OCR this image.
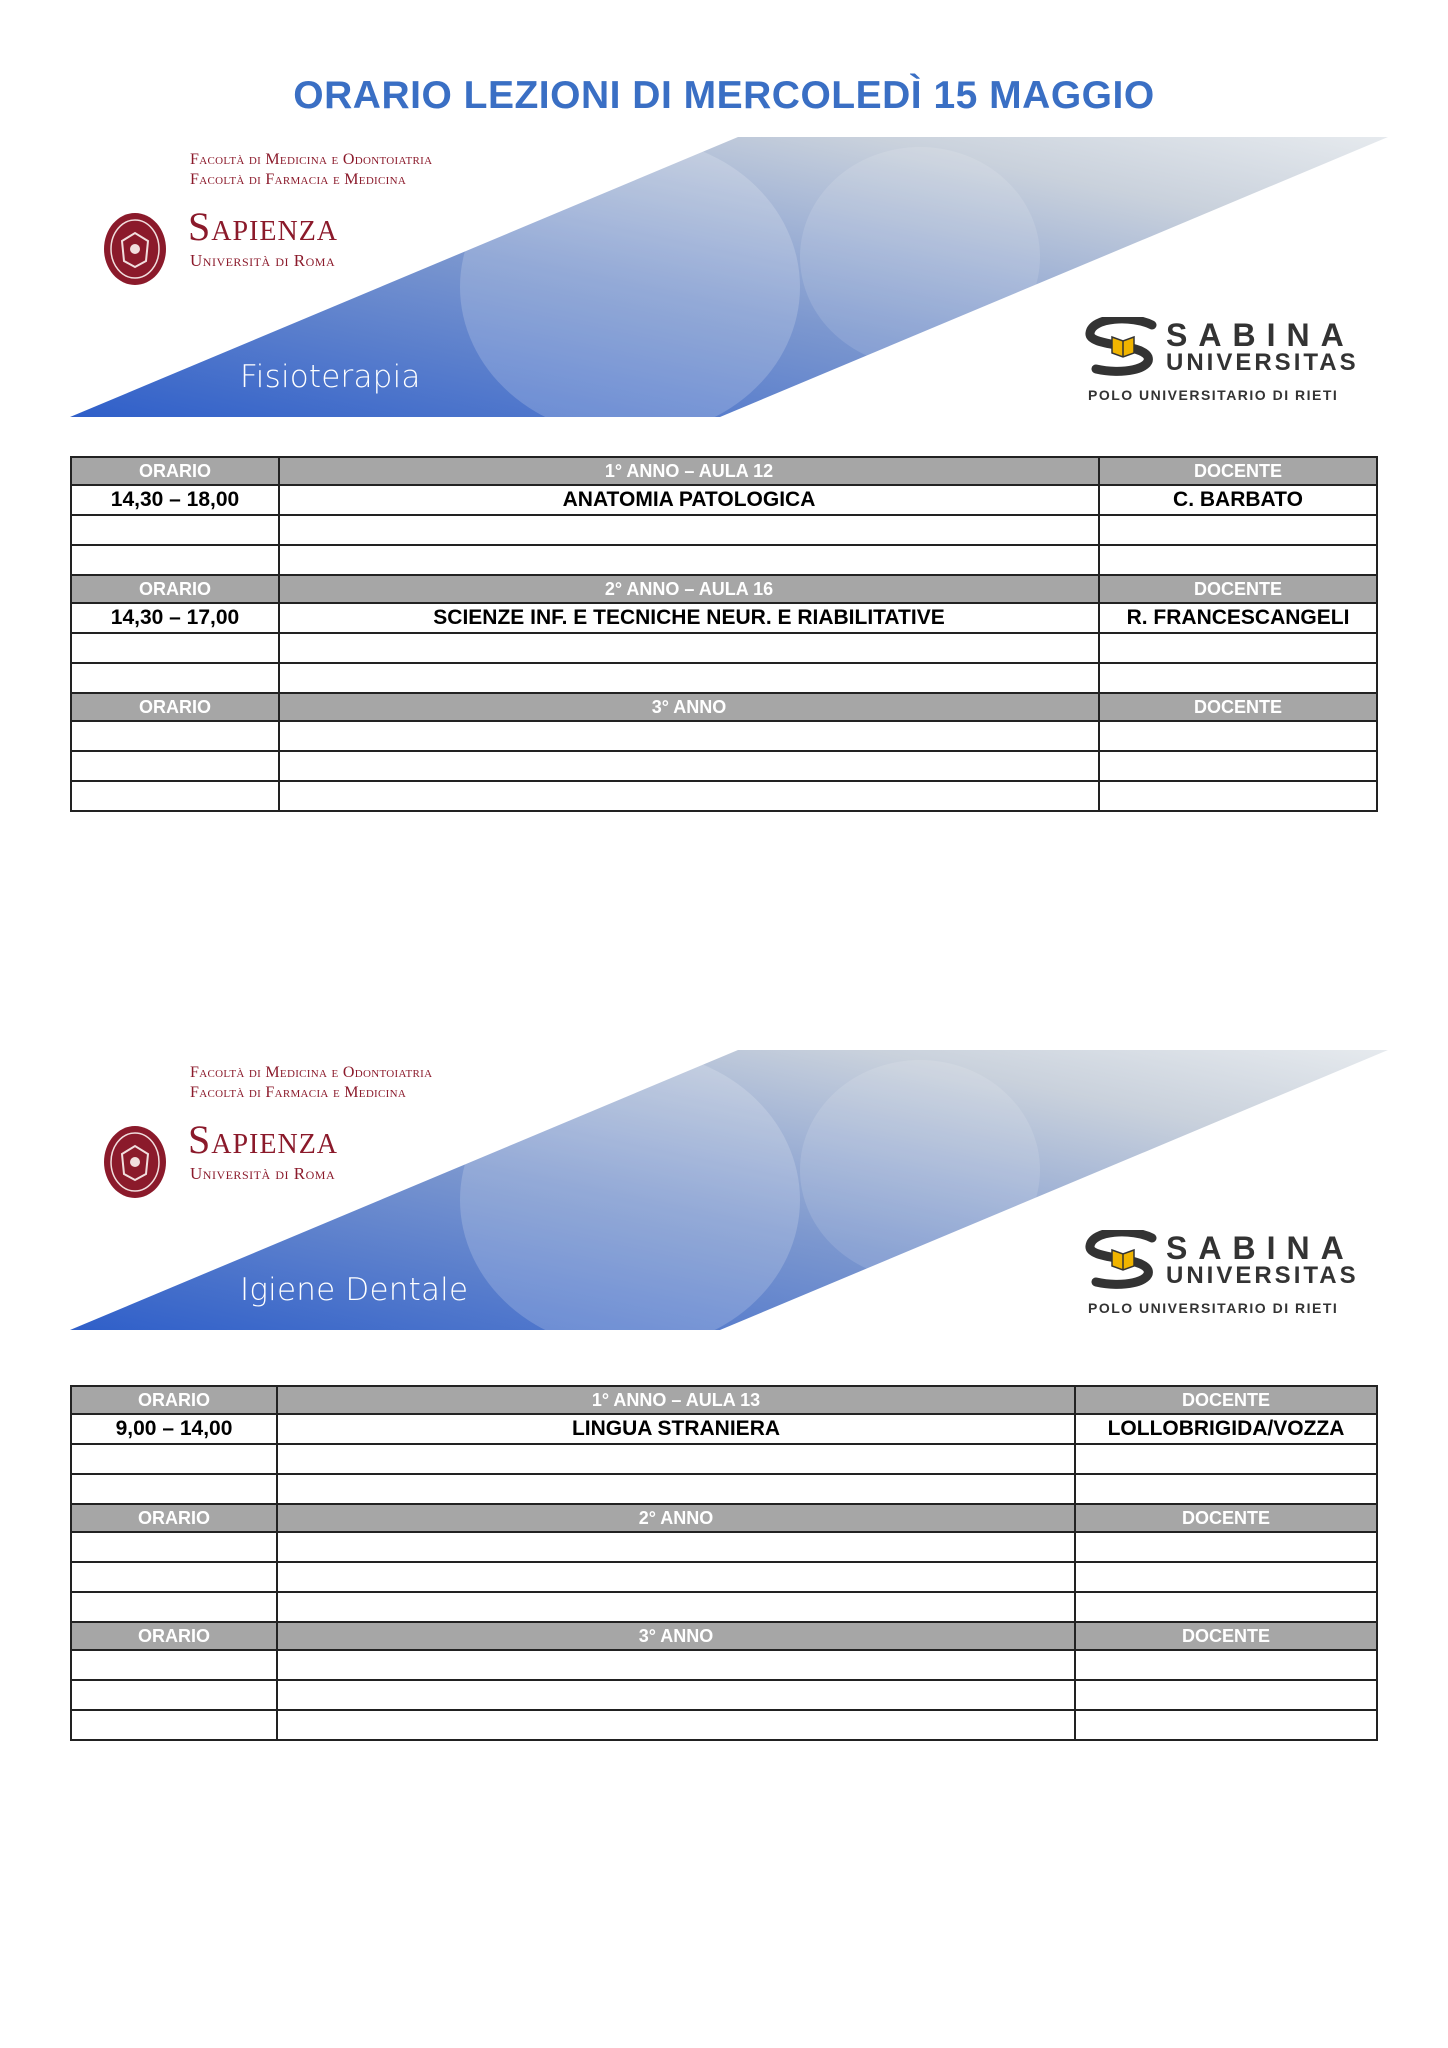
ORARIO LEZIONI DI MERCOLEDÌ 15 MAGGIO
Facoltà di Medicina e Odontoiatria
Facoltà di Farmacia e Medicina
Sapienza
Università di Roma
Fisioterapia
SABINA
UNIVERSITAS
POLO UNIVERSITARIO DI RIETI
Facoltà di Medicina e Odontoiatria
Facoltà di Farmacia e Medicina
Sapienza
Università di Roma
Igiene Dentale
SABINA
UNIVERSITAS
POLO UNIVERSITARIO DI RIETI
ORARIO	1° ANNO – AULA 12	DOCENTE
14,30 – 18,00	ANATOMIA PATOLOGICA	C. BARBATO

ORARIO	2° ANNO – AULA 16	DOCENTE
14,30 – 17,00	SCIENZE INF. E TECNICHE NEUR. E RIABILITATIVE	R. FRANCESCANGELI

ORARIO	3° ANNO	DOCENTE

ORARIO	1° ANNO – AULA 13	DOCENTE
9,00 – 14,00	LINGUA STRANIERA	LOLLOBRIGIDA/VOZZA

ORARIO	2° ANNO	DOCENTE

ORARIO	3° ANNO	DOCENTE
